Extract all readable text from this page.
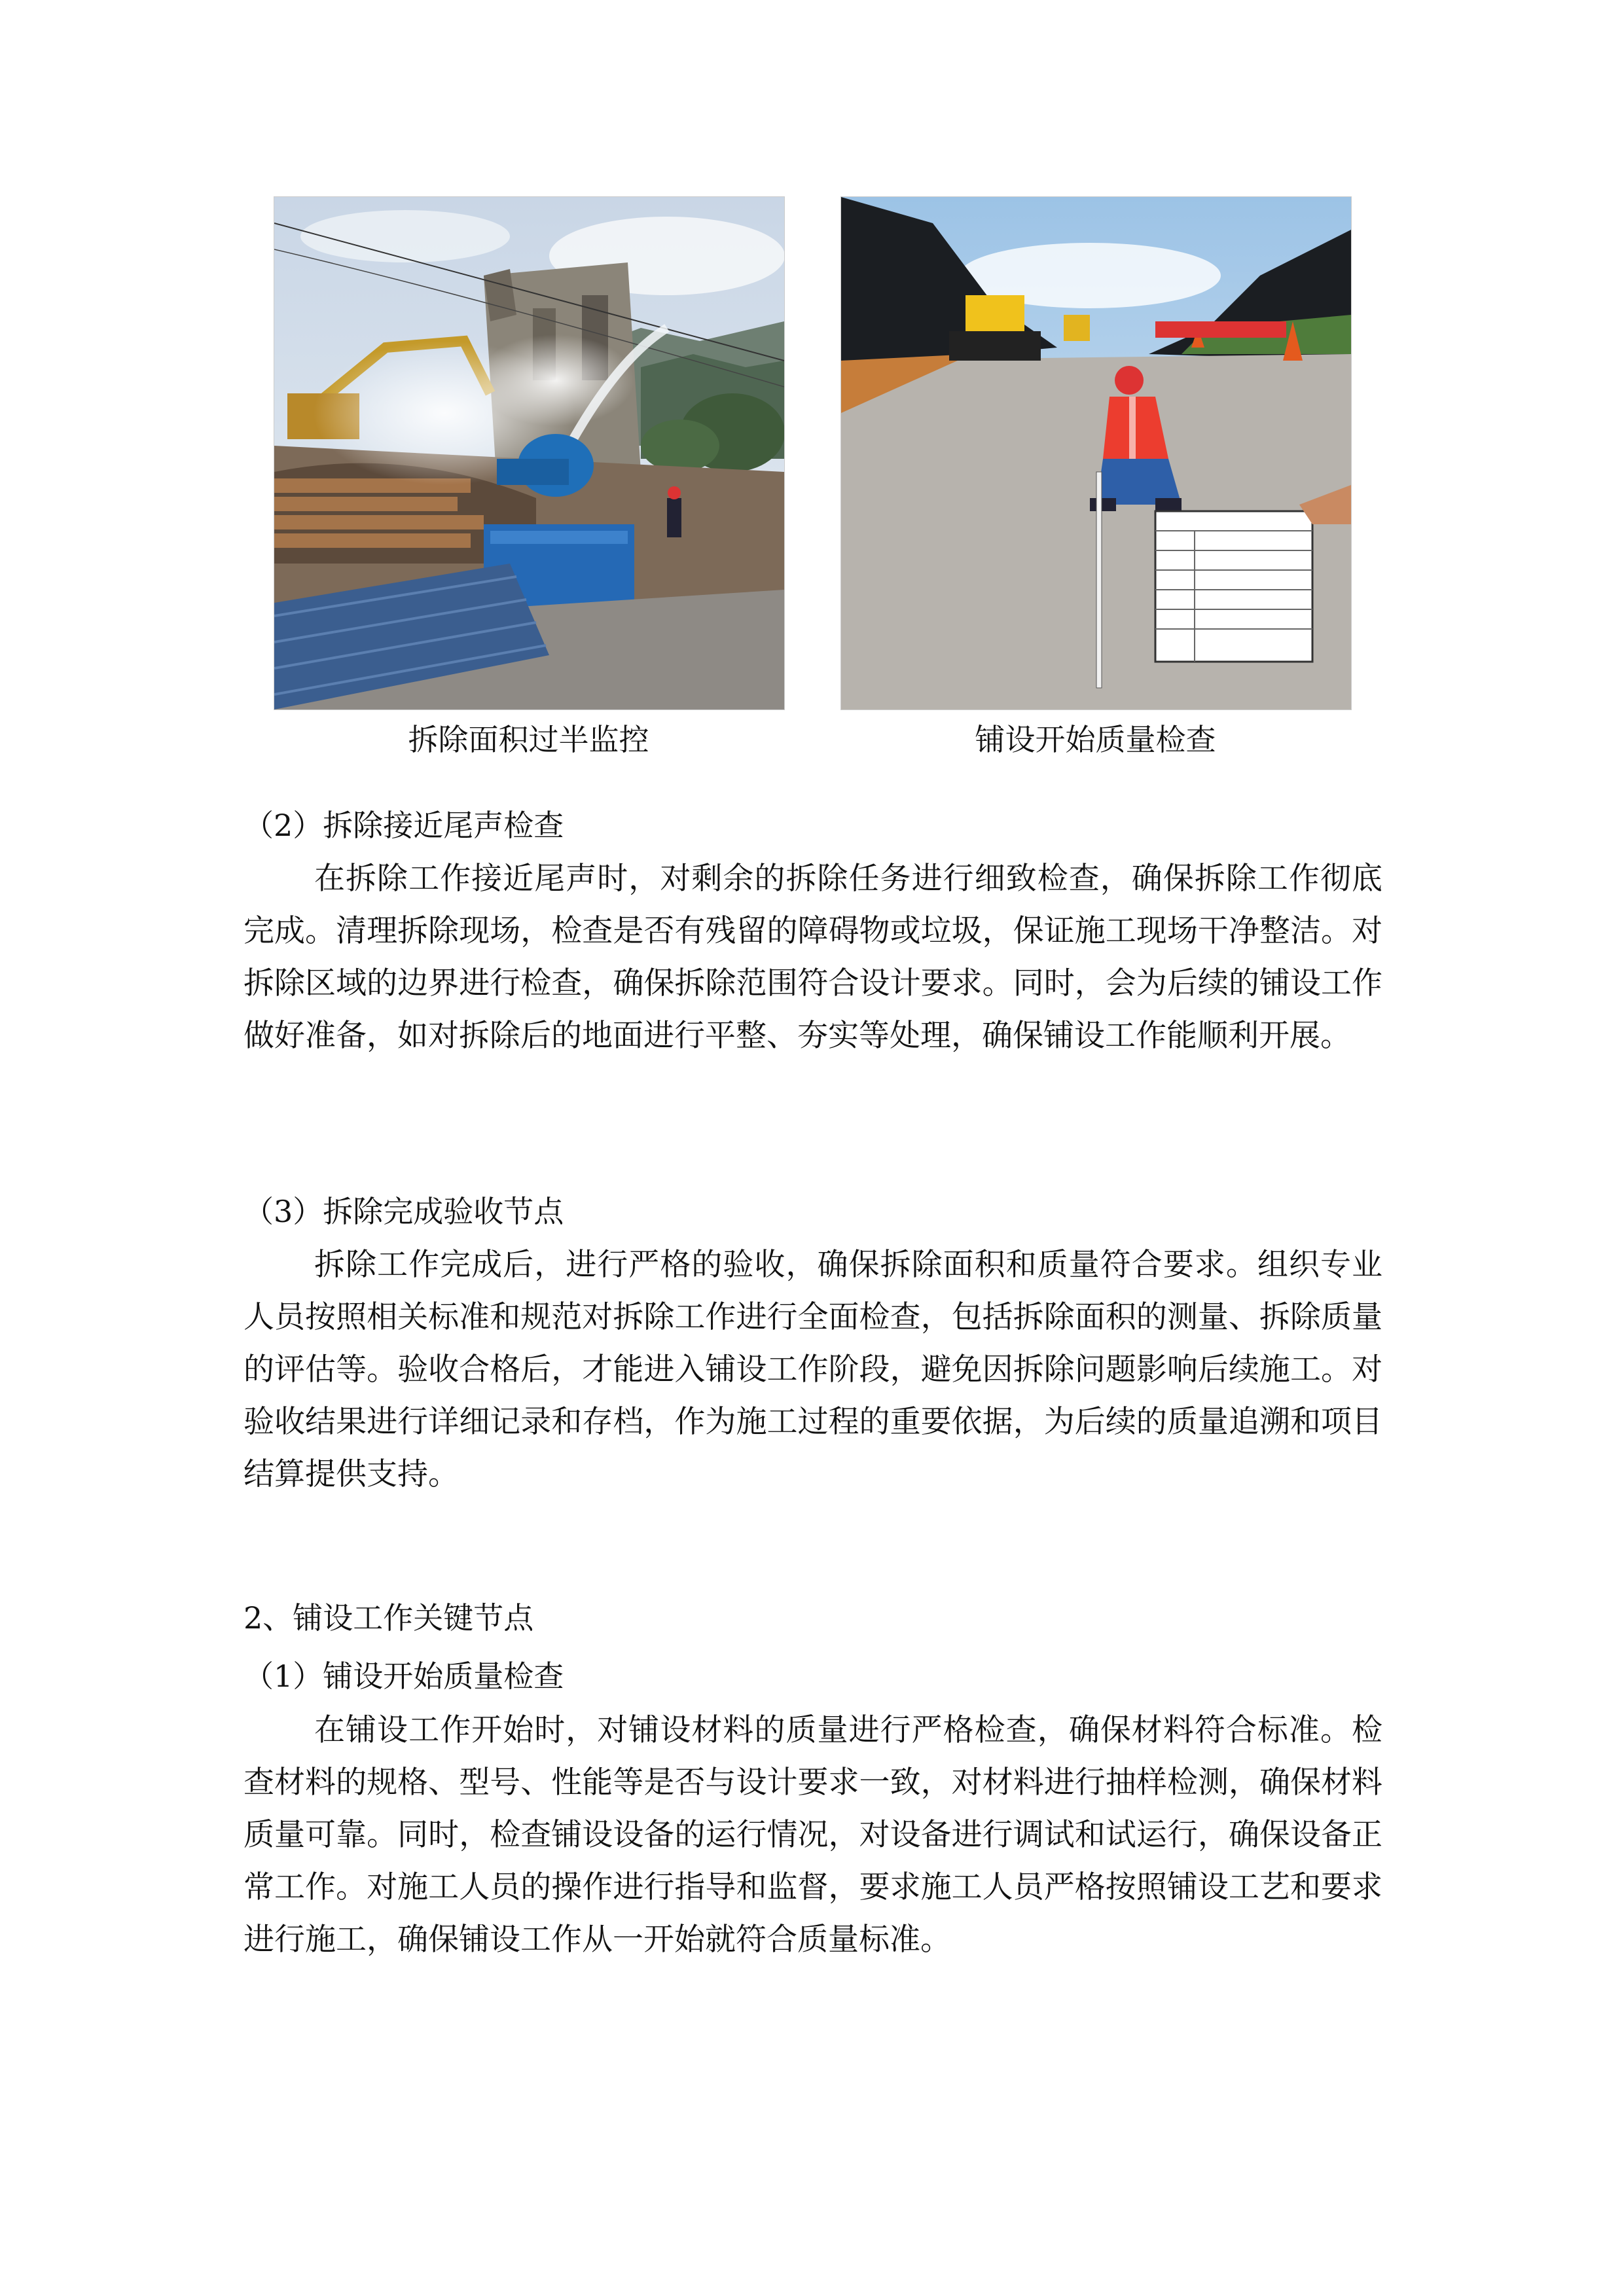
拆除面积过半监控	铺设开始质量检查
（2）拆除接近尾声检查
在拆除工作接近尾声时，对剩余的拆除任务进行细致检查，确保拆除工作彻底完成。清理拆除现场，检查是否有残留的障碍物或垃圾，保证施工现场干净整洁。对拆除区域的边界进行检查，确保拆除范围符合设计要求。同时，会为后续的铺设工作做好准备，如对拆除后的地面进行平整、夯实等处理，确保铺设工作能顺利开展。
（3）拆除完成验收节点
拆除工作完成后，进行严格的验收，确保拆除面积和质量符合要求。组织专业人员按照相关标准和规范对拆除工作进行全面检查，包括拆除面积的测量、拆除质量的评估等。验收合格后，才能进入铺设工作阶段，避免因拆除问题影响后续施工。对验收结果进行详细记录和存档，作为施工过程的重要依据，为后续的质量追溯和项目结算提供支持。
2、铺设工作关键节点
（1）铺设开始质量检查
在铺设工作开始时，对铺设材料的质量进行严格检查，确保材料符合标准。检查材料的规格、型号、性能等是否与设计要求一致，对材料进行抽样检测，确保材料质量可靠。同时，检查铺设设备的运行情况，对设备进行调试和试运行，确保设备正常工作。对施工人员的操作进行指导和监督，要求施工人员严格按照铺设工艺和要求进行施工，确保铺设工作从一开始就符合质量标准。
